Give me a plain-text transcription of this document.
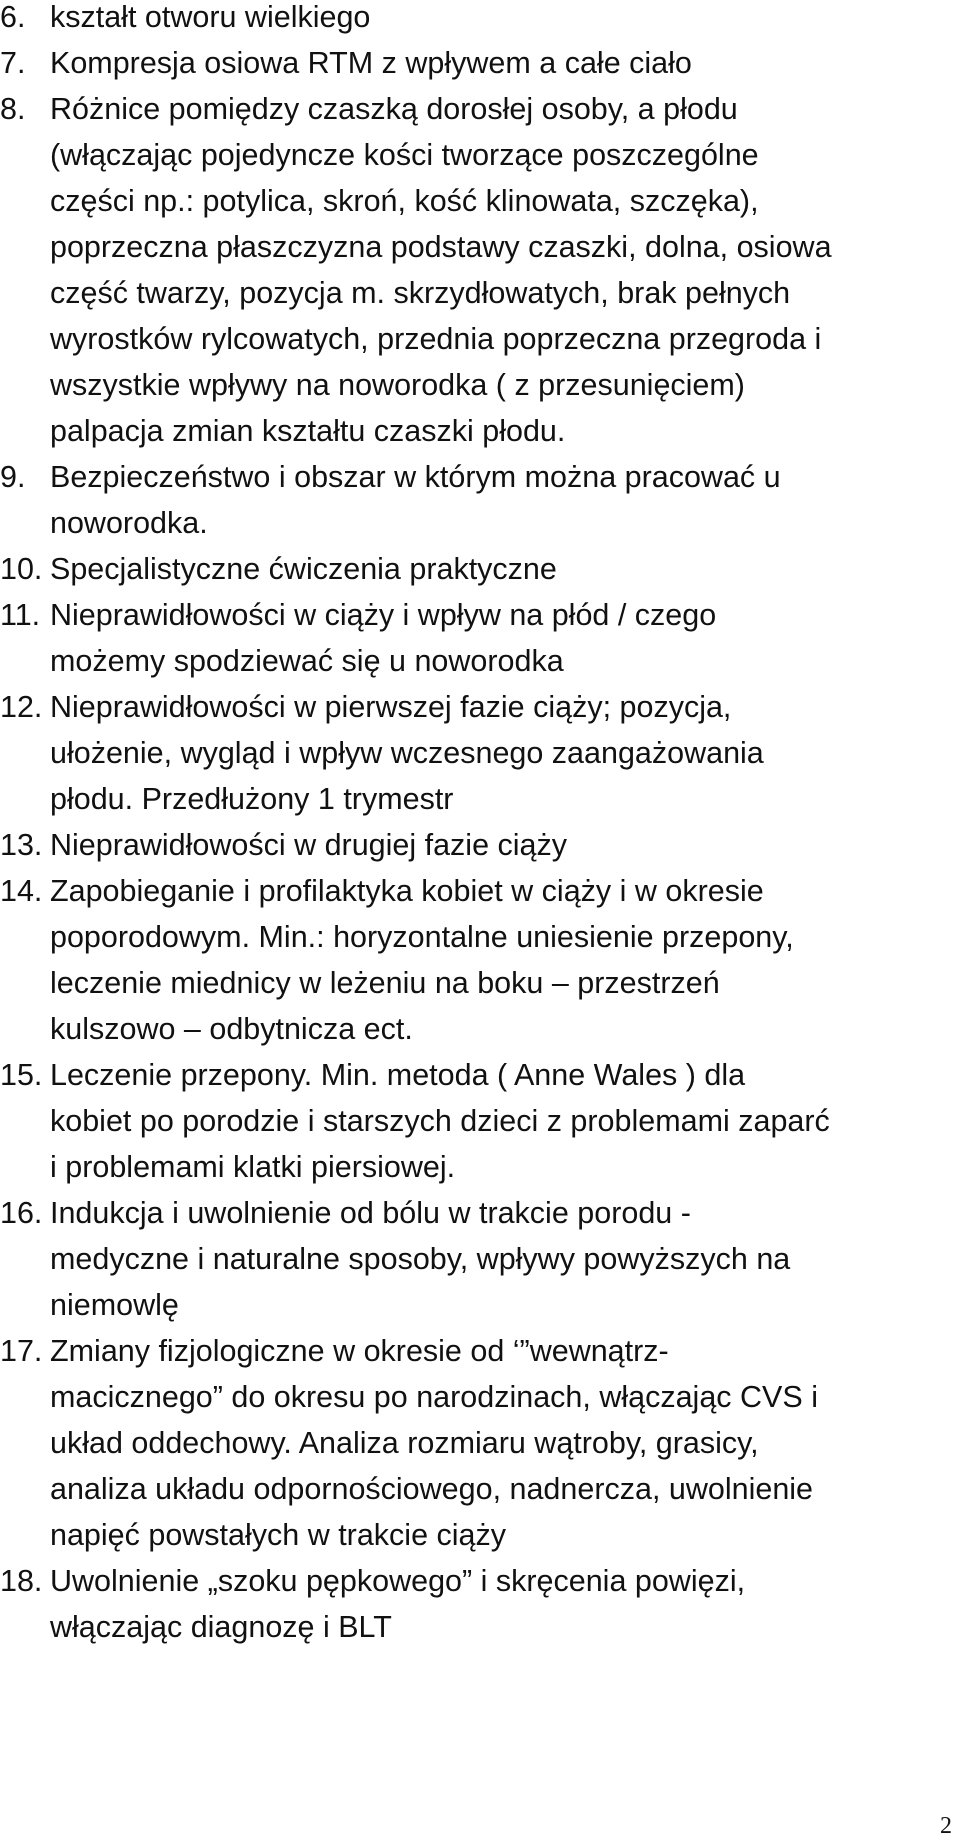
6. kształt otworu wielkiego
7. Kompresja osiowa RTM z wpływem a całe ciało
8. Różnice pomiędzy czaszką dorosłej osoby, a płodu
(włączając pojedyncze kości tworzące poszczególne
części np.: potylica, skroń, kość klinowata, szczęka),
poprzeczna płaszczyzna podstawy czaszki, dolna, osiowa
część twarzy, pozycja m. skrzydłowatych, brak pełnych
wyrostków rylcowatych, przednia poprzeczna przegroda i
wszystkie wpływy na noworodka ( z przesunięciem)
palpacja zmian kształtu czaszki płodu.
9. Bezpieczeństwo i obszar w którym można pracować u
noworodka.
10. Specjalistyczne ćwiczenia praktyczne
11. Nieprawidłowości w ciąży i wpływ na płód / czego
możemy spodziewać się u noworodka
12. Nieprawidłowości w pierwszej fazie ciąży; pozycja,
ułożenie, wygląd i wpływ wczesnego zaangażowania
płodu. Przedłużony 1 trymestr
13. Nieprawidłowości w drugiej fazie ciąży
14. Zapobieganie i profilaktyka kobiet w ciąży i w okresie
poporodowym. Min.: horyzontalne uniesienie przepony,
leczenie miednicy w leżeniu na boku – przestrzeń
kulszowo – odbytnicza ect.
15. Leczenie przepony. Min. metoda ( Anne Wales ) dla
kobiet po porodzie i starszych dzieci z problemami zaparć
i problemami klatki piersiowej.
16. Indukcja i uwolnienie od bólu w trakcie porodu -
medyczne i naturalne sposoby, wpływy powyższych na
niemowlę
17. Zmiany fizjologiczne w okresie od ‘”wewnątrz-
macicznego” do okresu po narodzinach, włączając CVS i
układ oddechowy. Analiza rozmiaru wątroby, grasicy,
analiza układu odpornościowego, nadnercza, uwolnienie
napięć powstałych w trakcie ciąży
18. Uwolnienie „szoku pępkowego” i skręcenia powięzi,
włączając diagnozę i BLT
2
